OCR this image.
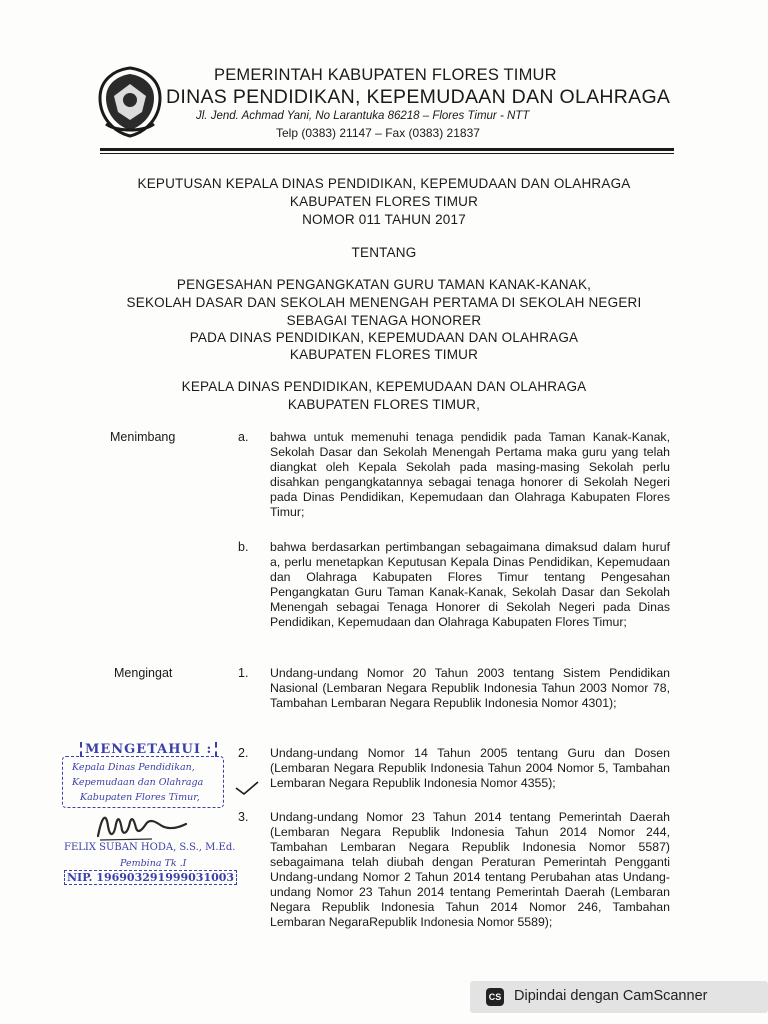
PEMERINTAH KABUPATEN FLORES TIMUR
DINAS PENDIDIKAN, KEPEMUDAAN DAN OLAHRAGA
Jl. Jend. Achmad Yani, No Larantuka 86218 – Flores Timur - NTT
Telp (0383) 21147 – Fax (0383) 21837
KEPUTUSAN KEPALA DINAS PENDIDIKAN, KEPEMUDAAN DAN OLAHRAGA
KABUPATEN FLORES TIMUR
NOMOR 011 TAHUN 2017
TENTANG
PENGESAHAN PENGANGKATAN GURU TAMAN KANAK-KANAK,
SEKOLAH DASAR DAN SEKOLAH MENENGAH PERTAMA DI SEKOLAH NEGERI
SEBAGAI TENAGA HONORER
PADA DINAS PENDIDIKAN, KEPEMUDAAN DAN OLAHRAGA
KABUPATEN FLORES TIMUR
KEPALA DINAS PENDIDIKAN, KEPEMUDAAN DAN OLAHRAGA
KABUPATEN FLORES TIMUR,
Menimbang	a. bahwa untuk memenuhi tenaga pendidik pada Taman Kanak-Kanak, Sekolah Dasar dan Sekolah Menengah Pertama maka guru yang telah diangkat oleh Kepala Sekolah pada masing-masing Sekolah perlu disahkan pengangkatannya sebagai tenaga honorer di Sekolah Negeri pada Dinas Pendidikan, Kepemudaan dan Olahraga Kabupaten Flores Timur;
b. bahwa berdasarkan pertimbangan sebagaimana dimaksud dalam huruf a, perlu menetapkan Keputusan Kepala Dinas Pendidikan, Kepemudaan dan Olahraga Kabupaten Flores Timur tentang Pengesahan Pengangkatan Guru Taman Kanak-Kanak, Sekolah Dasar dan Sekolah Menengah sebagai Tenaga Honorer di Sekolah Negeri pada Dinas Pendidikan, Kepemudaan dan Olahraga Kabupaten Flores Timur;
Mengingat	1. Undang-undang Nomor 20 Tahun 2003 tentang Sistem Pendidikan Nasional (Lembaran Negara Republik Indonesia Tahun 2003 Nomor 78, Tambahan Lembaran Negara Republik Indonesia Nomor 4301);
2. Undang-undang Nomor 14 Tahun 2005 tentang Guru dan Dosen (Lembaran Negara Republik Indonesia Tahun 2004 Nomor 5, Tambahan Lembaran Negara Republik Indonesia Nomor 4355);
3. Undang-undang Nomor 23 Tahun 2014 tentang Pemerintah Daerah (Lembaran Negara Republik Indonesia Tahun 2014 Nomor 244, Tambahan Lembaran Negara Republik Indonesia Nomor 5587) sebagaimana telah diubah dengan Peraturan Pemerintah Pengganti Undang-undang Nomor 2 Tahun 2014 tentang Perubahan atas Undang-undang Nomor 23 Tahun 2014 tentang Pemerintah Daerah (Lembaran Negara Republik Indonesia Tahun 2014 Nomor 246, Tambahan Lembaran NegaraRepublik Indonesia Nomor 5589);
MENGETAHUI :
Kepala Dinas Pendidikan,
Kepemudaan dan Olahraga
Kabupaten Flores Timur,
FELIX SUBAN HODA, S.S., M.Ed.
Pembina Tk .I
NIP. 196903291999031003
CS Dipindai dengan CamScanner
